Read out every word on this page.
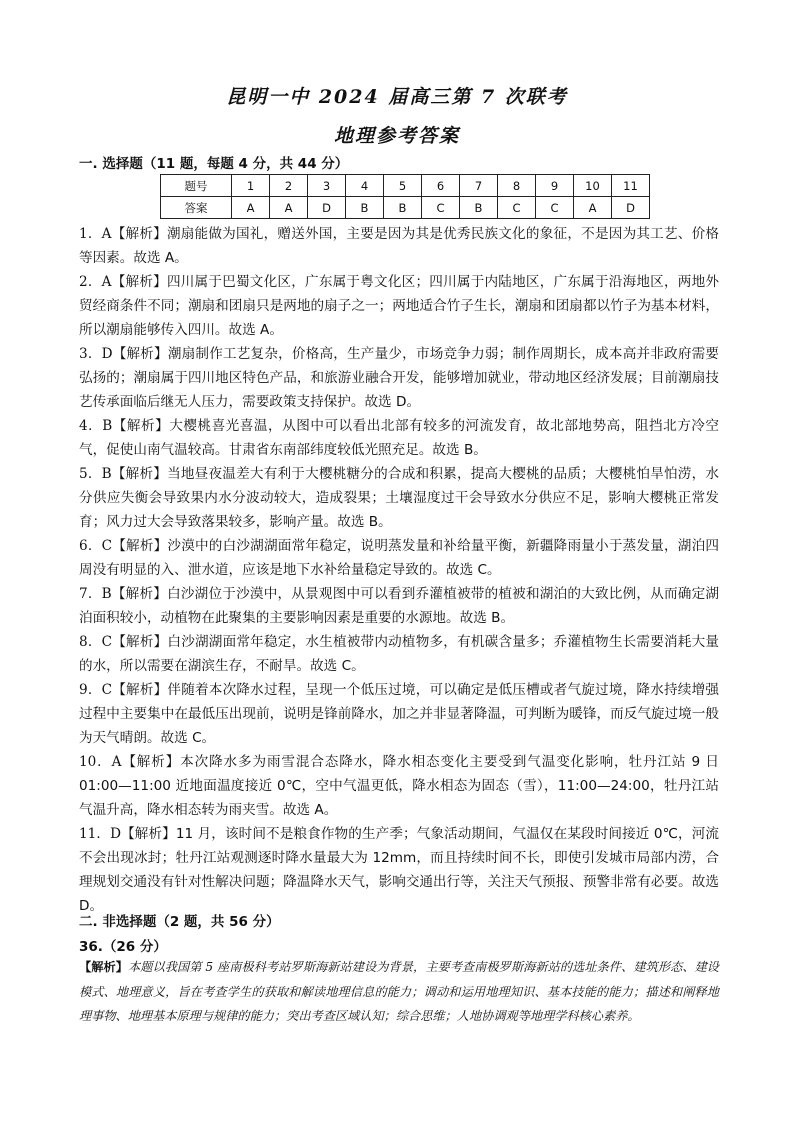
昆明一中 2024 届高三第 7 次联考
地理参考答案
一. 选择题（11 题，每题 4 分，共 44 分）
题号	1	2	3	4	5	6	7	8	9	10	11
答案	A	A	D	B	B	C	B	C	C	A	D
1．A【解析】潮扇能做为国礼，赠送外国，主要是因为其是优秀民族文化的象征，不是因为其工艺、价格等因素。故选 A。
2．A【解析】四川属于巴蜀文化区，广东属于粤文化区；四川属于内陆地区，广东属于沿海地区，两地外贸经商条件不同；潮扇和团扇只是两地的扇子之一；两地适合竹子生长，潮扇和团扇都以竹子为基本材料，所以潮扇能够传入四川。故选 A。
3．D【解析】潮扇制作工艺复杂，价格高，生产量少，市场竞争力弱；制作周期长，成本高并非政府需要弘扬的；潮扇属于四川地区特色产品，和旅游业融合开发，能够增加就业，带动地区经济发展；目前潮扇技艺传承面临后继无人压力，需要政策支持保护。故选 D。
4．B【解析】大樱桃喜光喜温，从图中可以看出北部有较多的河流发育，故北部地势高，阻挡北方冷空气，促使山南气温较高。甘肃省东南部纬度较低光照充足。故选 B。
5．B【解析】当地昼夜温差大有利于大樱桃糖分的合成和积累，提高大樱桃的品质；大樱桃怕旱怕涝，水分供应失衡会导致果内水分波动较大，造成裂果；土壤湿度过干会导致水分供应不足，影响大樱桃正常发育；风力过大会导致落果较多，影响产量。故选 B。
6．C【解析】沙漠中的白沙湖湖面常年稳定，说明蒸发量和补给量平衡，新疆降雨量小于蒸发量，湖泊四周没有明显的入、泄水道，应该是地下水补给量稳定导致的。故选 C。
7．B【解析】白沙湖位于沙漠中，从景观图中可以看到乔灌植被带的植被和湖泊的大致比例，从而确定湖泊面积较小，动植物在此聚集的主要影响因素是重要的水源地。故选 B。
8．C【解析】白沙湖湖面常年稳定，水生植被带内动植物多，有机碳含量多；乔灌植物生长需要消耗大量的水，所以需要在湖滨生存，不耐旱。故选 C。
9．C【解析】伴随着本次降水过程，呈现一个低压过境，可以确定是低压槽或者气旋过境，降水持续增强过程中主要集中在最低压出现前，说明是锋前降水，加之并非显著降温，可判断为暖锋，而反气旋过境一般为天气晴朗。故选 C。
10．A【解析】本次降水多为雨雪混合态降水，降水相态变化主要受到气温变化影响，牡丹江站 9 日 01:00—11:00 近地面温度接近 0℃，空中气温更低，降水相态为固态（雪），11:00—24:00，牡丹江站气温升高，降水相态转为雨夹雪。故选 A。
11．D【解析】11 月，该时间不是粮食作物的生产季；气象活动期间，气温仅在某段时间接近 0℃，河流不会出现冰封；牡丹江站观测逐时降水量最大为 12mm，而且持续时间不长，即使引发城市局部内涝，合理规划交通没有针对性解决问题；降温降水天气，影响交通出行等，关注天气预报、预警非常有必要。故选 D。
二. 非选择题（2 题，共 56 分）
36.（26 分）
【解析】本题以我国第 5 座南极科考站罗斯海新站建设为背景，主要考查南极罗斯海新站的选址条件、建筑形态、建设模式、地理意义，旨在考查学生的获取和解读地理信息的能力；调动和运用地理知识、基本技能的能力；描述和阐释地理事物、地理基本原理与规律的能力；突出考查区域认知；综合思维；人地协调观等地理学科核心素养。
